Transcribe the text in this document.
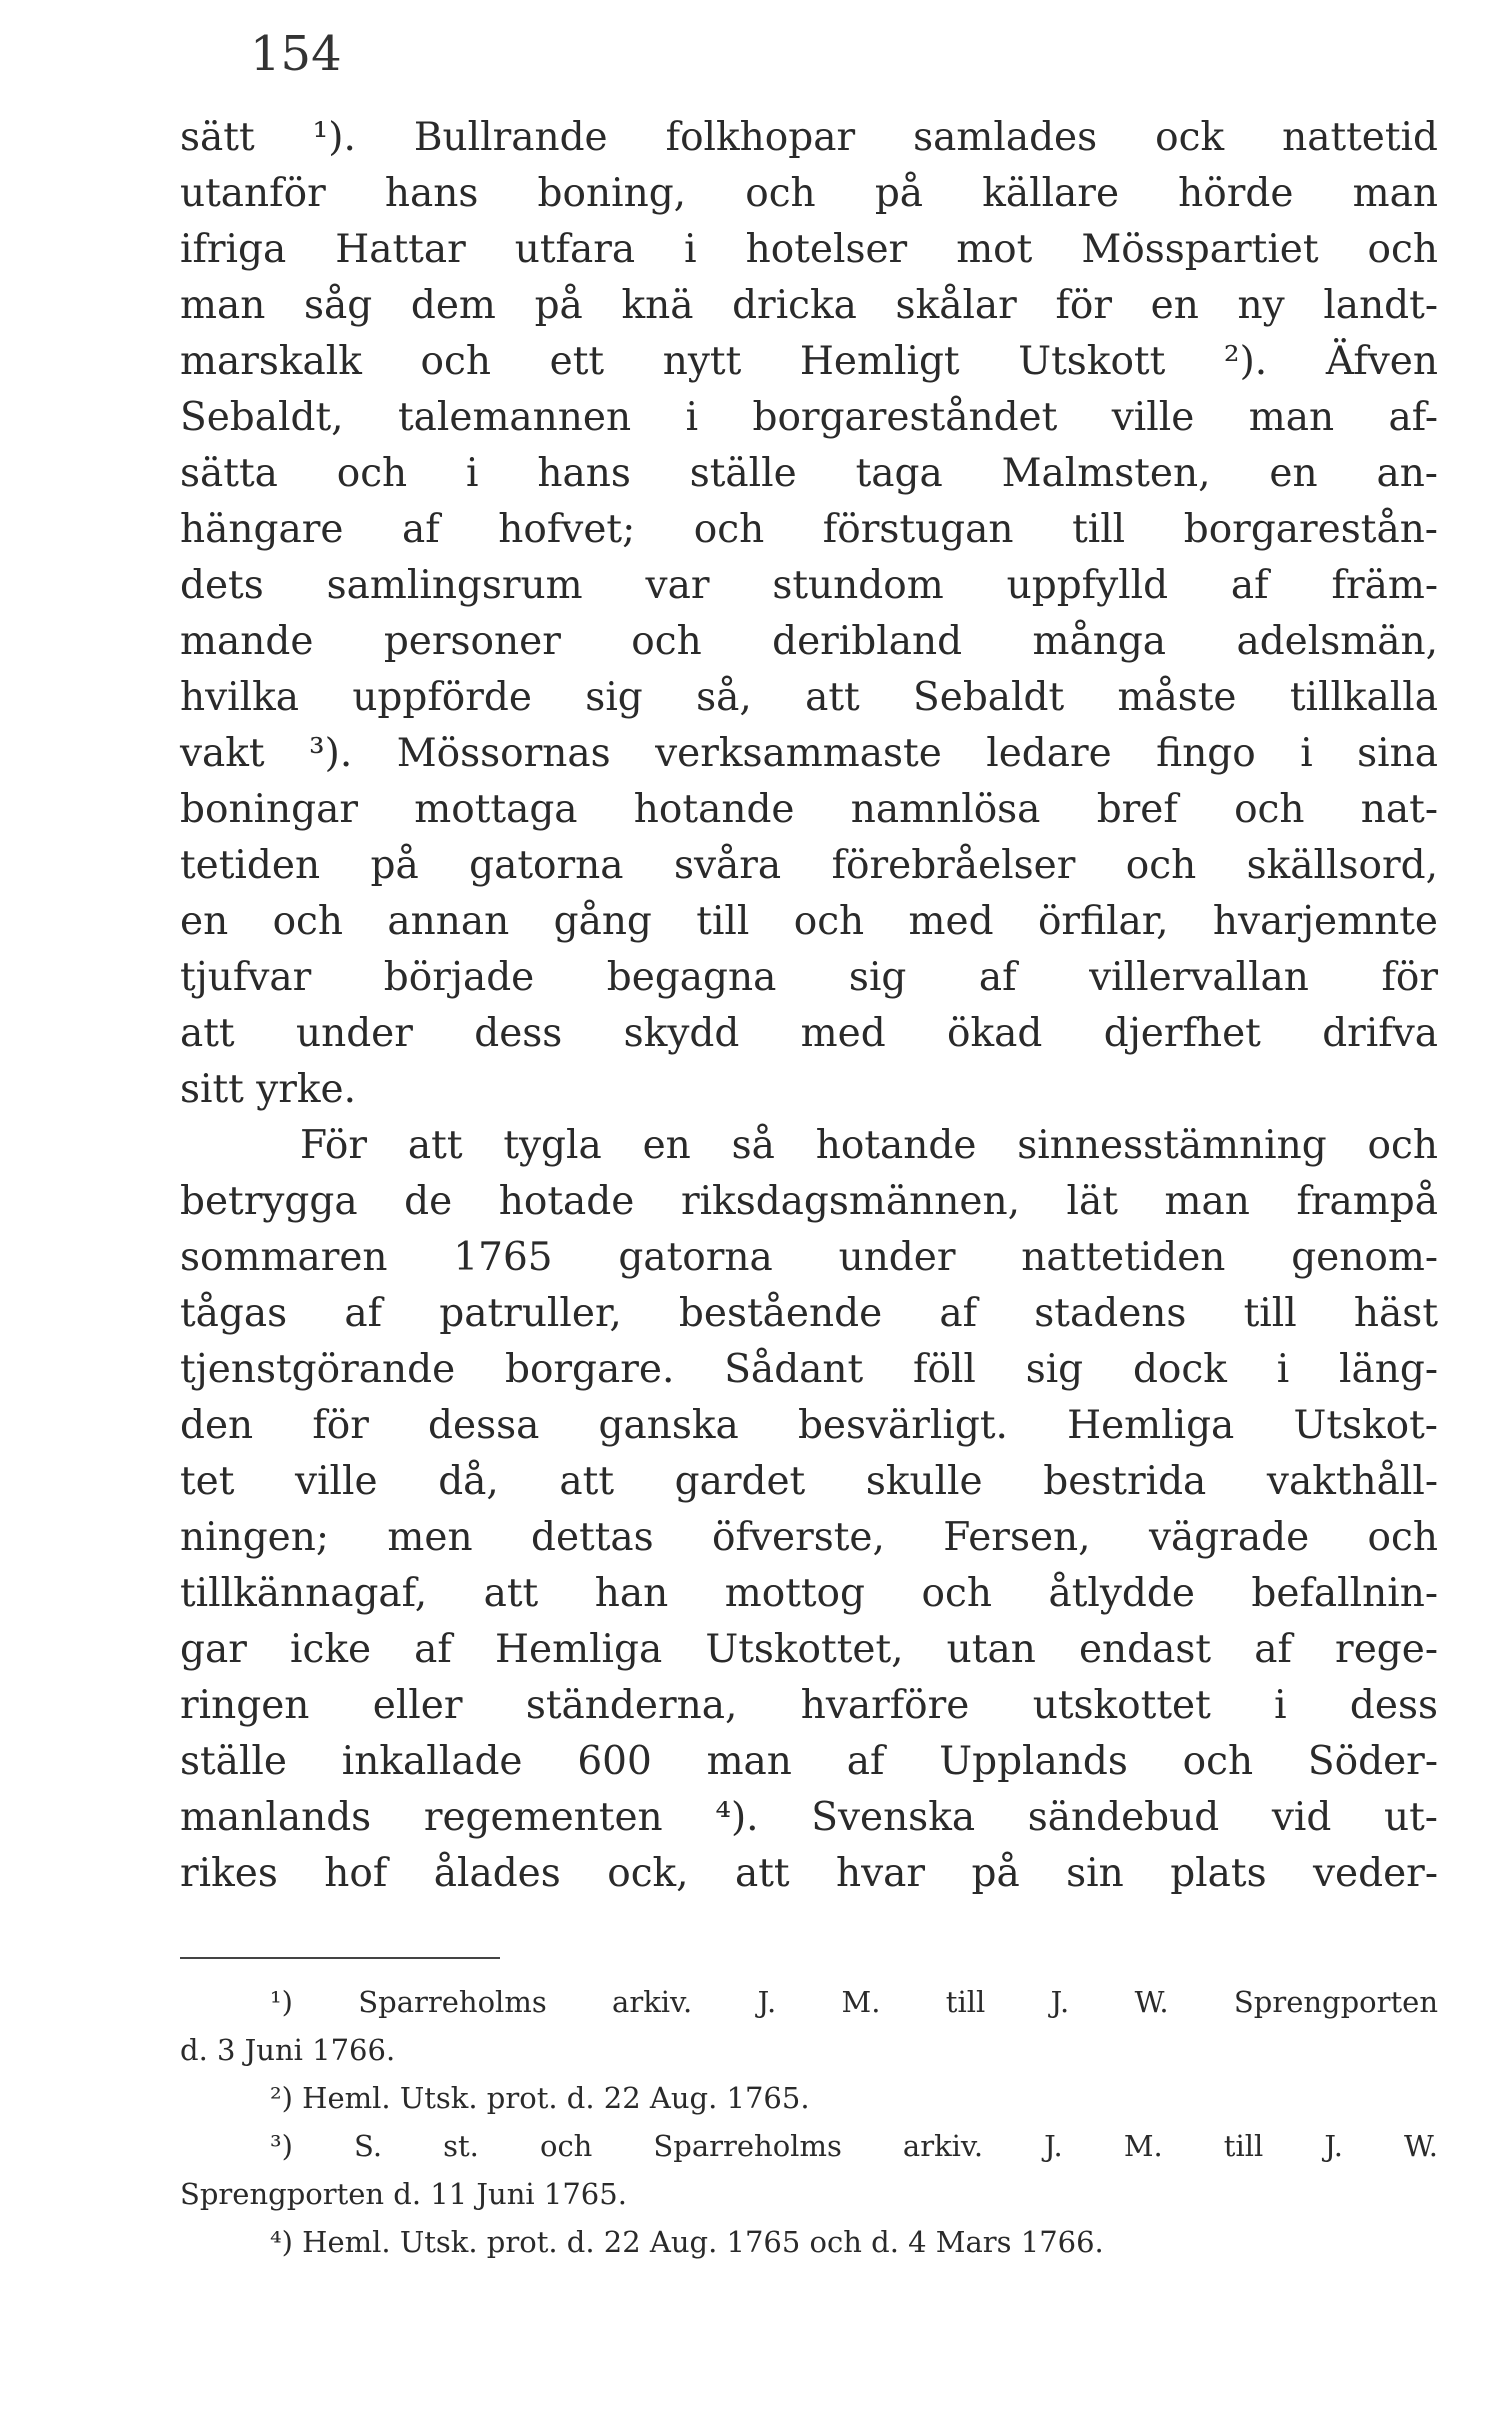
154
sätt ¹). Bullrande folkhopar samlades ock nattetid
utanför hans boning, och på källare hörde man
ifriga Hattar utfara i hotelser mot Mösspartiet och
man såg dem på knä dricka skålar för en ny landt-
marskalk och ett nytt Hemligt Utskott ²). Äfven
Sebaldt, talemannen i borgareståndet ville man af-
sätta och i hans ställe taga Malmsten, en an-
hängare af hofvet; och förstugan till borgarestån-
dets samlingsrum var stundom uppfylld af främ-
mande personer och deribland många adelsmän,
hvilka uppförde sig så, att Sebaldt måste tillkalla
vakt ³). Mössornas verksammaste ledare fingo i sina
boningar mottaga hotande namnlösa bref och nat-
tetiden på gatorna svåra förebråelser och skällsord,
en och annan gång till och med örfilar, hvarjemnte
tjufvar började begagna sig af villervallan för
att under dess skydd med ökad djerfhet drifva
sitt yrke.
För att tygla en så hotande sinnesstämning och
betrygga de hotade riksdagsmännen, lät man frampå
sommaren 1765 gatorna under nattetiden genom-
tågas af patruller, bestående af stadens till häst
tjenstgörande borgare. Sådant föll sig dock i läng-
den för dessa ganska besvärligt. Hemliga Utskot-
tet ville då, att gardet skulle bestrida vakthåll-
ningen; men dettas öfverste, Fersen, vägrade och
tillkännagaf, att han mottog och åtlydde befallnin-
gar icke af Hemliga Utskottet, utan endast af rege-
ringen eller ständerna, hvarföre utskottet i dess
ställe inkallade 600 man af Upplands och Söder-
manlands regementen ⁴). Svenska sändebud vid ut-
rikes hof ålades ock, att hvar på sin plats veder-
¹) Sparreholms arkiv. J. M. till J. W. Sprengporten
d. 3 Juni 1766.
²) Heml. Utsk. prot. d. 22 Aug. 1765.
³) S. st. och Sparreholms arkiv. J. M. till J. W.
Sprengporten d. 11 Juni 1765.
⁴) Heml. Utsk. prot. d. 22 Aug. 1765 och d. 4 Mars 1766.
